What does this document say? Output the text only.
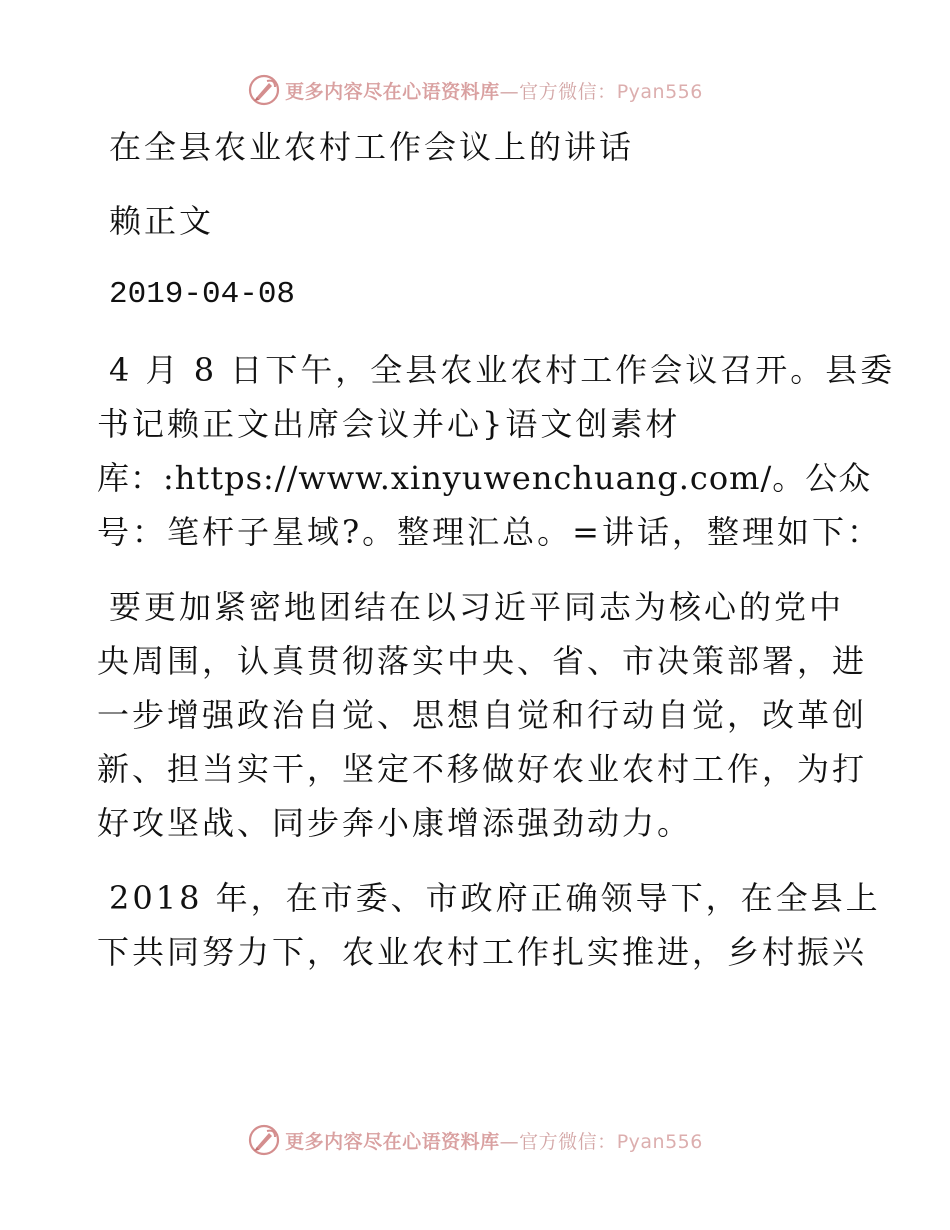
更多内容尽在心语资料库—官方微信：Pyan556

在全县农业农村工作会议上的讲话

赖正文

2019-04-08

4 月 8 日下午，全县农业农村工作会议召开。县委

书记赖正文出席会议并心}语文创素材

库：:https://www.xinyuwenchuang.com/。公众

号：笔杆子星域?。整理汇总。=讲话，整理如下：

要更加紧密地团结在以习近平同志为核心的党中

央周围，认真贯彻落实中央、省、市决策部署，进

一步增强政治自觉、思想自觉和行动自觉，改革创

新、担当实干，坚定不移做好农业农村工作，为打

好攻坚战、同步奔小康增添强劲动力。

2018 年，在市委、市政府正确领导下，在全县上

下共同努力下，农业农村工作扎实推进，乡村振兴

更多内容尽在心语资料库—官方微信：Pyan556
